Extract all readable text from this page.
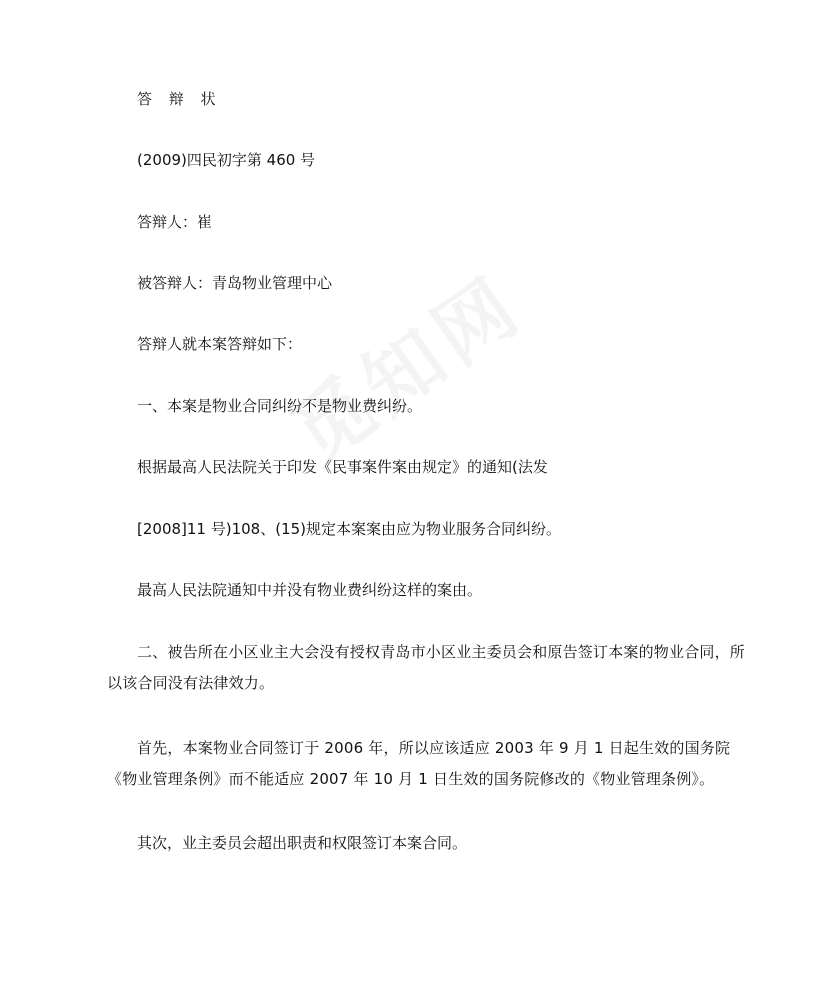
答 辩 状

(2009)四民初字第 460 号

答辩人：崔

被答辩人：青岛物业管理中心

答辩人就本案答辩如下：

一、本案是物业合同纠纷不是物业费纠纷。

根据最高人民法院关于印发《民事案件案由规定》的通知(法发

[2008]11 号)108、(15)规定本案案由应为物业服务合同纠纷。

最高人民法院通知中并没有物业费纠纷这样的案由。

二、被告所在小区业主大会没有授权青岛市小区业主委员会和原告签订本案的物业合同，所以该合同没有法律效力。

首先，本案物业合同签订于 2006 年，所以应该适应 2003 年 9 月 1 日起生效的国务院《物业管理条例》而不能适应 2007 年 10 月 1 日生效的国务院修改的《物业管理条例》。

其次，业主委员会超出职责和权限签订本案合同。
